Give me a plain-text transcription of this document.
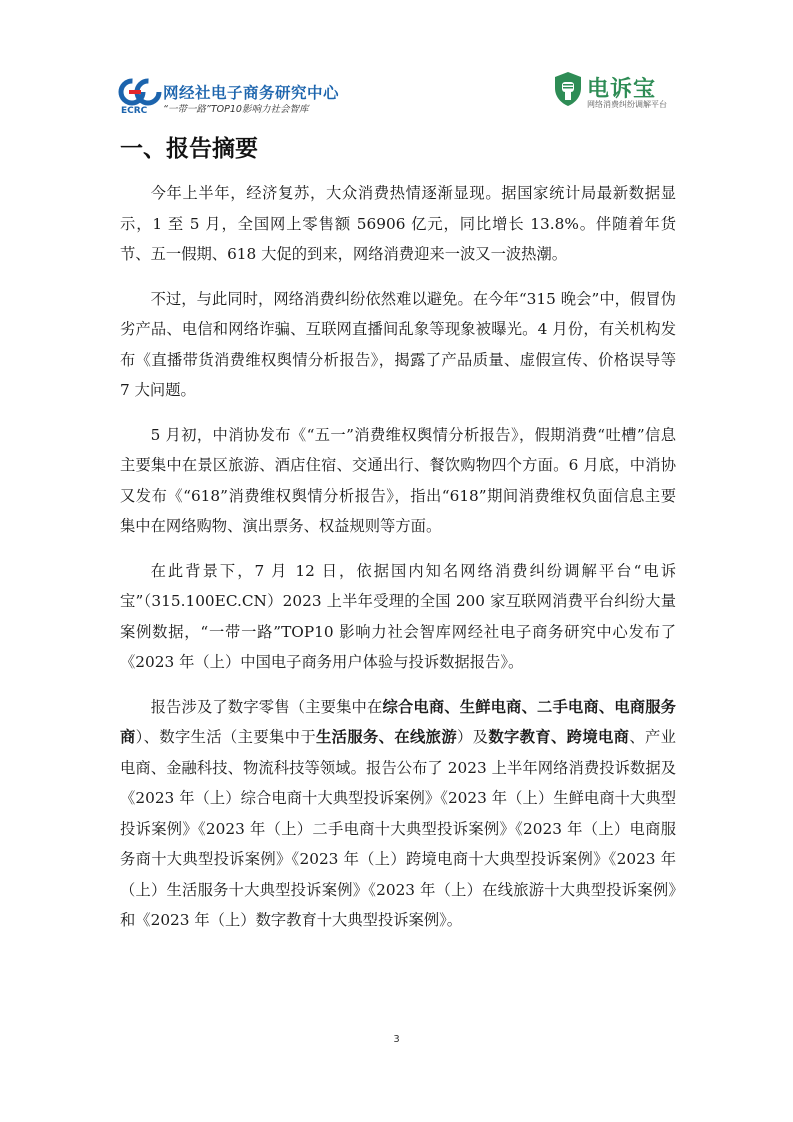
网经社电子商务研究中心
“一带一路”TOP10影响力社会智库
ECRC
电诉宝
网络消费纠纷调解平台
一、报告摘要

今年上半年，经济复苏，大众消费热情逐渐显现。据国家统计局最新数据显示，1 至 5 月，全国网上零售额 56906 亿元，同比增长 13.8%。伴随着年货节、五一假期、618 大促的到来，网络消费迎来一波又一波热潮。

不过，与此同时，网络消费纠纷依然难以避免。在今年“315 晚会”中，假冒伪劣产品、电信和网络诈骗、互联网直播间乱象等现象被曝光。4 月份，有关机构发布《直播带货消费维权舆情分析报告》，揭露了产品质量、虚假宣传、价格误导等 7 大问题。

5 月初，中消协发布《“五一”消费维权舆情分析报告》，假期消费“吐槽”信息主要集中在景区旅游、酒店住宿、交通出行、餐饮购物四个方面。6 月底，中消协又发布《“618”消费维权舆情分析报告》，指出“618”期间消费维权负面信息主要集中在网络购物、演出票务、权益规则等方面。

在此背景下，7 月 12 日，依据国内知名网络消费纠纷调解平台“电诉宝”（315.100EC.CN）2023 上半年受理的全国 200 家互联网消费平台纠纷大量案例数据，“一带一路”TOP10 影响力社会智库网经社电子商务研究中心发布了《2023 年（上）中国电子商务用户体验与投诉数据报告》。

报告涉及了数字零售（主要集中在综合电商、生鲜电商、二手电商、电商服务商）、数字生活（主要集中于生活服务、在线旅游）及数字教育、跨境电商、产业电商、金融科技、物流科技等领域。报告公布了 2023 上半年网络消费投诉数据及《2023 年（上）综合电商十大典型投诉案例》《2023 年（上）生鲜电商十大典型投诉案例》《2023 年（上）二手电商十大典型投诉案例》《2023 年（上）电商服务商十大典型投诉案例》《2023 年（上）跨境电商十大典型投诉案例》《2023 年（上）生活服务十大典型投诉案例》《2023 年（上）在线旅游十大典型投诉案例》和《2023 年（上）数字教育十大典型投诉案例》。

3
